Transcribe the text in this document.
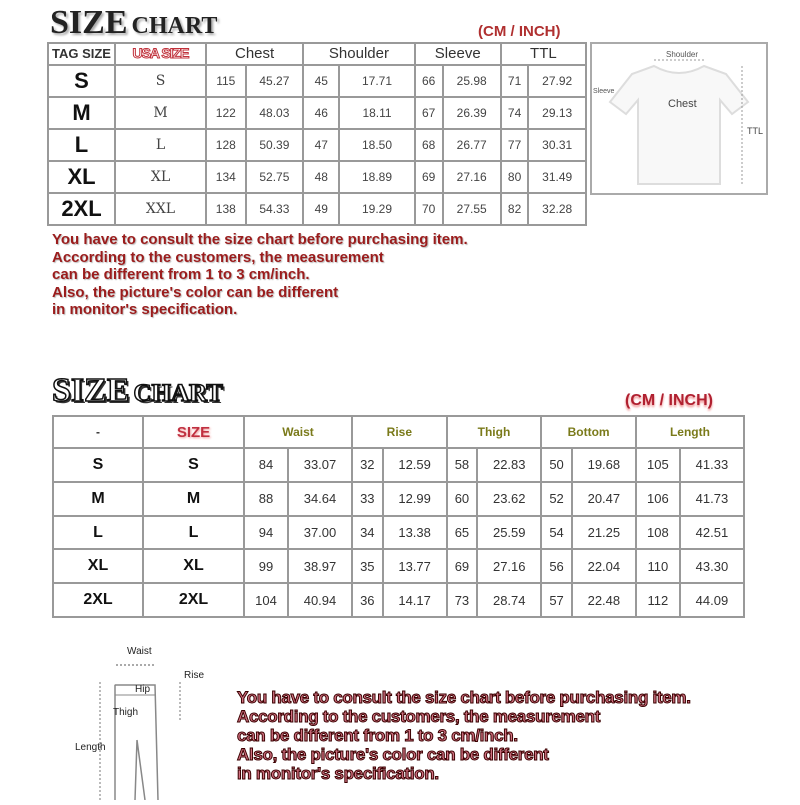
SIZE CHART	(CM / INCH)
TAG SIZE	USA SIZE	Chest		Shoulder		Sleeve		TTL	
S	S	115	45.27	45	17.71	66	25.98	71	27.92
M	M	122	48.03	46	18.11	67	26.39	74	29.13
L	L	128	50.39	47	18.50	68	26.77	77	30.31
XL	XL	134	52.75	48	18.89	69	27.16	80	31.49
2XL	XXL	138	54.33	49	19.29	70	27.55	82	32.28
Shoulder
Chest
Sleeve
TTL
You have to consult the size chart before purchasing item.
According to the customers, the measurement
can be different from 1 to 3 cm/inch.
Also, the picture's color can be different
in monitor's specification.
SIZE CHART	(CM / INCH)
-	SIZE	Waist		Rise		Thigh		Bottom		Length	
S	S	84	33.07	32	12.59	58	22.83	50	19.68	105	41.33
M	M	88	34.64	33	12.99	60	23.62	52	20.47	106	41.73
L	L	94	37.00	34	13.38	65	25.59	54	21.25	108	42.51
XL	XL	99	38.97	35	13.77	69	27.16	56	22.04	110	43.30
2XL	2XL	104	40.94	36	14.17	73	28.74	57	22.48	112	44.09
Waist
Rise
Hip
Thigh
Length
You have to consult the size chart before purchasing item.
According to the customers, the measurement
can be different from 1 to 3 cm/inch.
Also, the picture's color can be different
in monitor's specification.
